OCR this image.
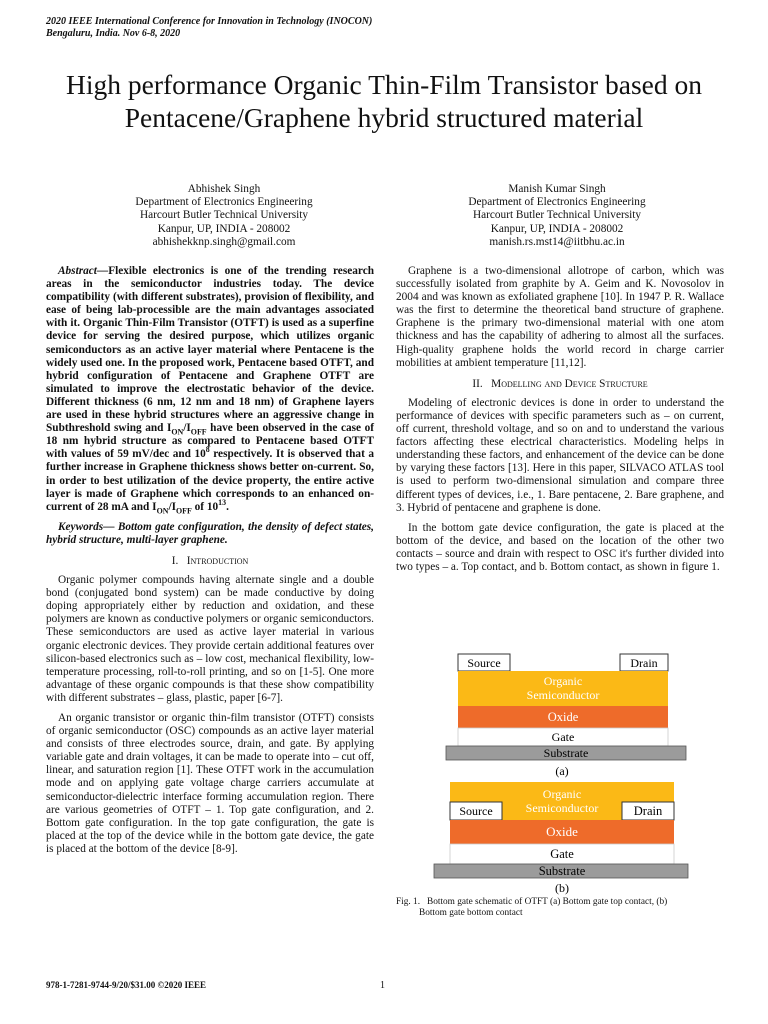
2020 IEEE International Conference for Innovation in Technology (INOCON)
Bengaluru, India. Nov 6-8, 2020
High performance Organic Thin-Film Transistor based on Pentacene/Graphene hybrid structured material
Abhishek Singh
Department of Electronics Engineering
Harcourt Butler Technical University
Kanpur, UP, INDIA - 208002
abhishekknp.singh@gmail.com
Manish Kumar Singh
Department of Electronics Engineering
Harcourt Butler Technical University
Kanpur, UP, INDIA - 208002
manish.rs.mst14@iitbhu.ac.in

Abstract—Flexible electronics is one of the trending research areas in the semiconductor industries today. The device compatibility (with different substrates), provision of flexibility, and ease of being lab-processible are the main advantages associated with it. Organic Thin-Film Transistor (OTFT) is used as a superfine device for serving the desired purpose, which utilizes organic semiconductors as an active layer material where Pentacene is the widely used one. In the proposed work, Pentacene based OTFT, and hybrid configuration of Pentacene and Graphene OTFT are simulated to improve the electrostatic behavior of the device. Different thickness (6 nm, 12 nm and 18 nm) of Graphene layers are used in these hybrid structures where an aggressive change in Subthreshold swing and $I_{ON}/I_{OFF}$ have been observed in the case of 18 nm hybrid structure as compared to Pentacene based OTFT with values of 59 mV/dec and $10^8$ respectively. It is observed that a further increase in Graphene thickness shows better on-current. So, in order to best utilization of the device property, the entire active layer is made of Graphene which corresponds to an enhanced on-current of 28 mA and $I_{ON}/I_{OFF}$ of $10^{13}$.

Keywords— Bottom gate configuration, the density of defect states, hybrid structure, multi-layer graphene.

I. Introduction

Organic polymer compounds having alternate single and a double bond (conjugated bond system) can be made conductive by doing doping appropriately either by reduction and oxidation, and these polymers are known as conductive polymers or organic semiconductors. These semiconductors are used as active layer material in various organic electronic devices. They provide certain additional features over silicon-based electronics such as – low cost, mechanical flexibility, low-temperature processing, roll-to-roll printing, and so on [1-5]. One more advantage of these organic compounds is that these show compatibility with different substrates – glass, plastic, paper [6-7].

An organic transistor or organic thin-film transistor (OTFT) consists of organic semiconductor (OSC) compounds as an active layer material and consists of three electrodes source, drain, and gate. By applying variable gate and drain voltages, it can be made to operate into – cut off, linear, and saturation region [1]. These OTFT work in the accumulation mode and on applying gate voltage charge carriers accumulate at semiconductor-dielectric interface forming accumulation region. There are various geometries of OTFT – 1. Top gate configuration, and 2. Bottom gate configuration. In the top gate configuration, the gate is placed at the top of the device while in the bottom gate device, the gate is placed at the bottom of the device [8-9].

Graphene is a two-dimensional allotrope of carbon, which was successfully isolated from graphite by A. Geim and K. Novosolov in 2004 and was known as exfoliated graphene [10]. In 1947 P. R. Wallace was the first to determine the theoretical band structure of graphene. Graphene is the primary two-dimensional material with one atom thickness and has the capability of adhering to almost all the surfaces. High-quality graphene holds the world record in charge carrier mobilities at ambient temperature [11,12].

II. Modelling and Device Structure

Modeling of electronic devices is done in order to understand the performance of devices with specific parameters such as – on current, off current, threshold voltage, and so on and to understand the various factors affecting these electrical characteristics. Modeling helps in understanding these factors, and enhancement of the device can be done by varying these factors [13]. Here in this paper, SILVACO ATLAS tool is used to perform two-dimensional simulation and compare three different types of devices, i.e., 1. Bare pentacene, 2. Bare graphene, and 3. Hybrid of pentacene and graphene is done.

In the bottom gate device configuration, the gate is placed at the bottom of the device, and based on the location of the other two contacts – source and drain with respect to OSC it's further divided into two types – a. Top contact, and b. Bottom contact, as shown in figure 1.

Source	Drain
Organic
Semiconductor
Oxide
Gate
Substrate
(a)
Organic
Semiconductor
Source	Drain
Oxide
Gate
Substrate
(b)
Fig. 1. Bottom gate schematic of OTFT (a) Bottom gate top contact, (b)
Bottom gate bottom contact
978-1-7281-9744-9/20/$31.00 ©2020 IEEE	1
